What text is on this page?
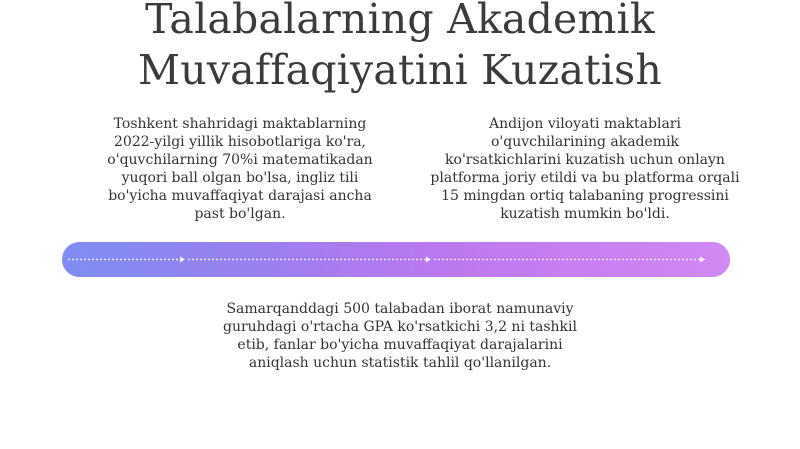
Talabalarning Akademik
Muvaffaqiyatini Kuzatish
Toshkent shahridagi maktablarning
2022-yilgi yillik hisobotlariga ko'ra,
o'quvchilarning 70%i matematikadan
yuqori ball olgan bo'lsa, ingliz tili
bo'yicha muvaffaqiyat darajasi ancha
past bo'lgan.
Andijon viloyati maktablari
o'quvchilarining akademik
ko'rsatkichlarini kuzatish uchun onlayn
platforma joriy etildi va bu platforma orqali
15 mingdan ortiq talabaning progressini
kuzatish mumkin bo'ldi.
Samarqanddagi 500 talabadan iborat namunaviy
guruhdagi o'rtacha GPA ko'rsatkichi 3,2 ni tashkil
etib, fanlar bo'yicha muvaffaqiyat darajalarini
aniqlash uchun statistik tahlil qo'llanilgan.
